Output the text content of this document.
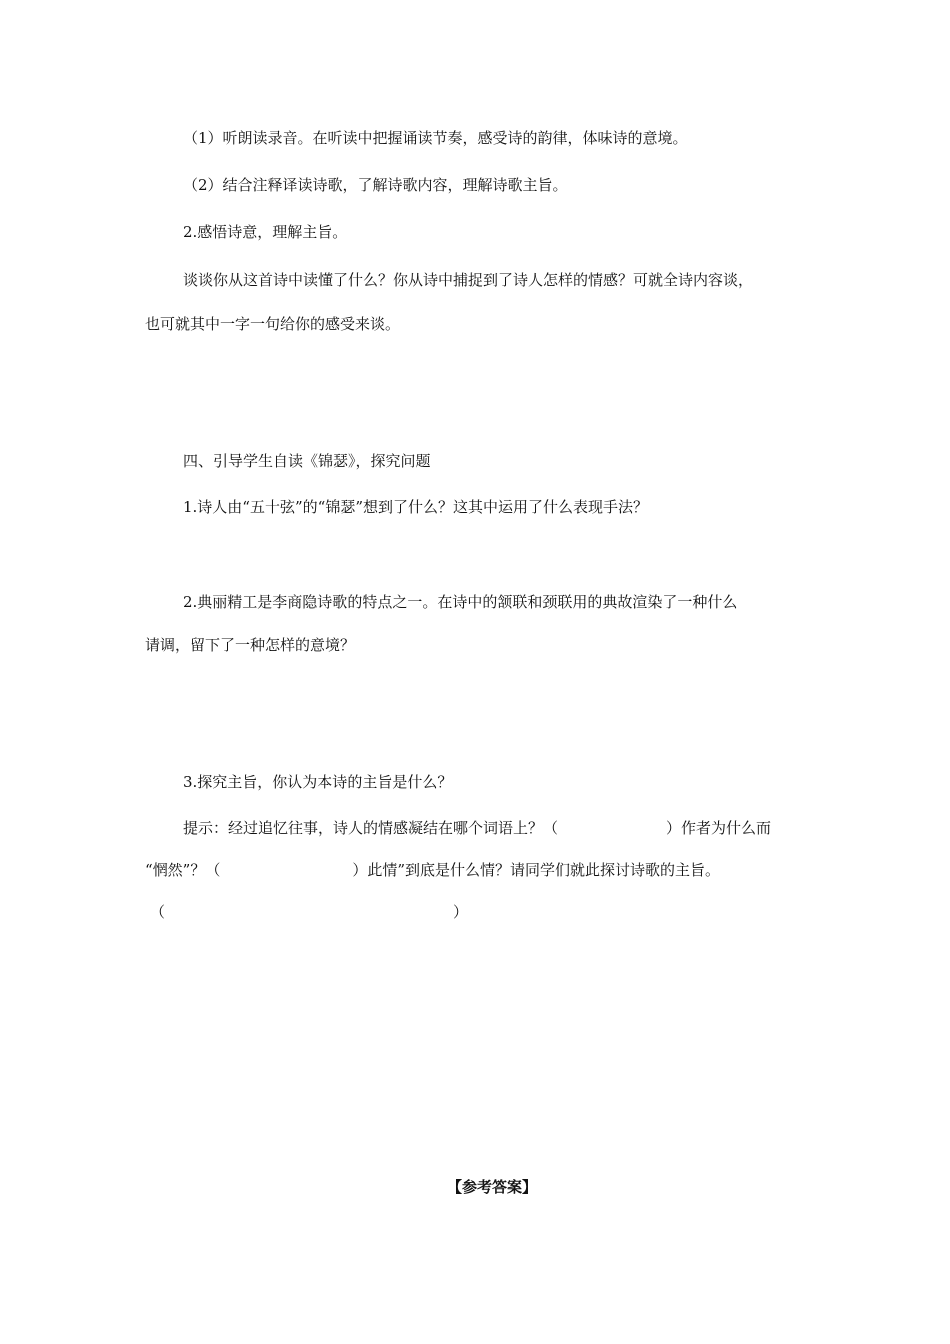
（1）听朗读录音。在听读中把握诵读节奏，感受诗的韵律，体味诗的意境。
（2）结合注释译读诗歌，了解诗歌内容，理解诗歌主旨。
2.感悟诗意，理解主旨。
谈谈你从这首诗中读懂了什么？你从诗中捕捉到了诗人怎样的情感？可就全诗内容谈，
也可就其中一字一句给你的感受来谈。
四、引导学生自读《锦瑟》，探究问题
1.诗人由“五十弦”的“锦瑟”想到了什么？这其中运用了什么表现手法？
2.典丽精工是李商隐诗歌的特点之一。在诗中的颔联和颈联用的典故渲染了一种什么
请调，留下了一种怎样的意境？
3.探究主旨，你认为本诗的主旨是什么？
提示：经过追忆往事，诗人的情感凝结在哪个词语上？（	）作者为什么而
“惘然”？（	）此情”到底是什么情？请同学们就此探讨诗歌的主旨。
（	）
【参考答案】
